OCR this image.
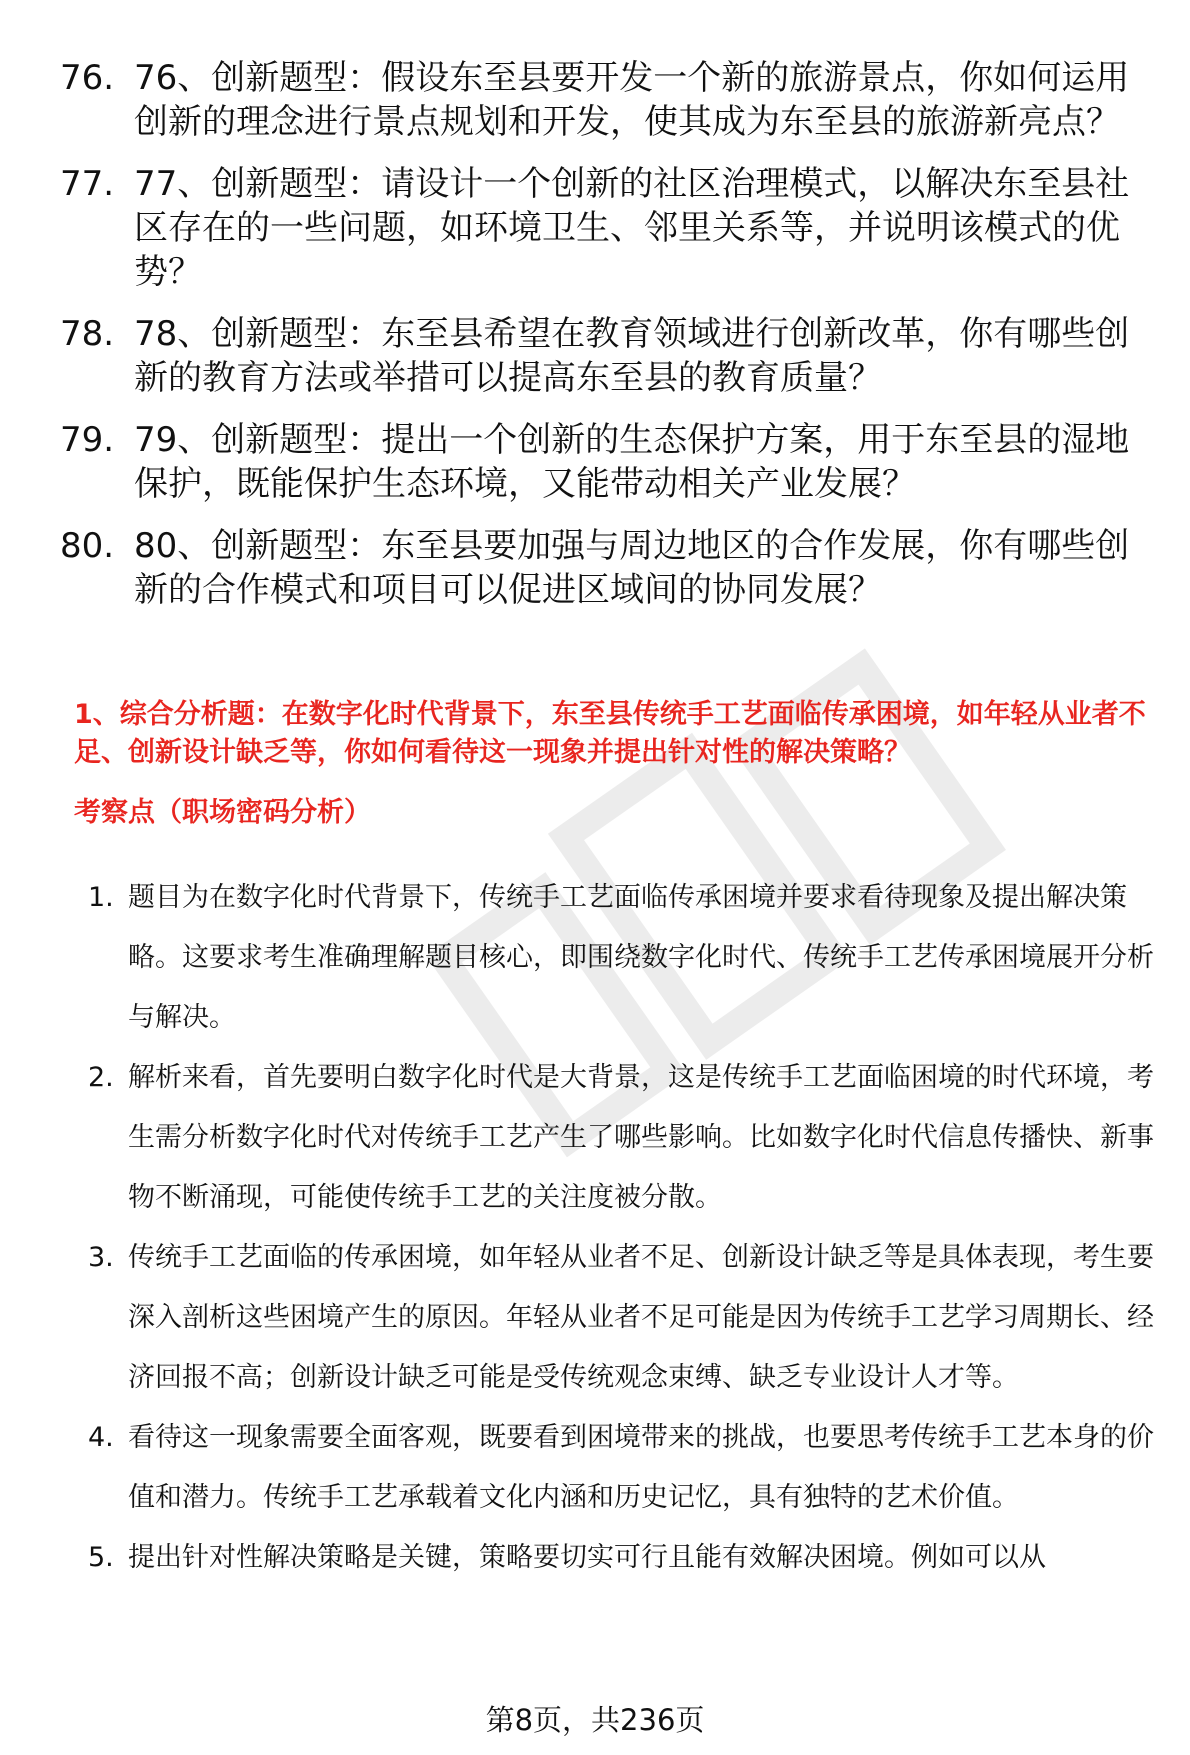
76. 76、创新题型：假设东至县要开发一个新的旅游景点，你如何运用创新的理念进行景点规划和开发，使其成为东至县的旅游新亮点？
77. 77、创新题型：请设计一个创新的社区治理模式，以解决东至县社区存在的一些问题，如环境卫生、邻里关系等，并说明该模式的优势？
78. 78、创新题型：东至县希望在教育领域进行创新改革，你有哪些创新的教育方法或举措可以提高东至县的教育质量？
79. 79、创新题型：提出一个创新的生态保护方案，用于东至县的湿地保护，既能保护生态环境，又能带动相关产业发展？
80. 80、创新题型：东至县要加强与周边地区的合作发展，你有哪些创新的合作模式和项目可以促进区域间的协同发展？
1、综合分析题：在数字化时代背景下，东至县传统手工艺面临传承困境，如年轻从业者不足、创新设计缺乏等，你如何看待这一现象并提出针对性的解决策略？
考察点（职场密码分析）
1. 题目为在数字化时代背景下，传统手工艺面临传承困境并要求看待现象及提出解决策略。这要求考生准确理解题目核心，即围绕数字化时代、传统手工艺传承困境展开分析与解决。
2. 解析来看，首先要明白数字化时代是大背景，这是传统手工艺面临困境的时代环境，考生需分析数字化时代对传统手工艺产生了哪些影响。比如数字化时代信息传播快、新事物不断涌现，可能使传统手工艺的关注度被分散。
3. 传统手工艺面临的传承困境，如年轻从业者不足、创新设计缺乏等是具体表现，考生要深入剖析这些困境产生的原因。年轻从业者不足可能是因为传统手工艺学习周期长、经济回报不高；创新设计缺乏可能是受传统观念束缚、缺乏专业设计人才等。
4. 看待这一现象需要全面客观，既要看到困境带来的挑战，也要思考传统手工艺本身的价值和潜力。传统手工艺承载着文化内涵和历史记忆，具有独特的艺术价值。
5. 提出针对性解决策略是关键，策略要切实可行且能有效解决困境。例如可以从
第8页，共236页
